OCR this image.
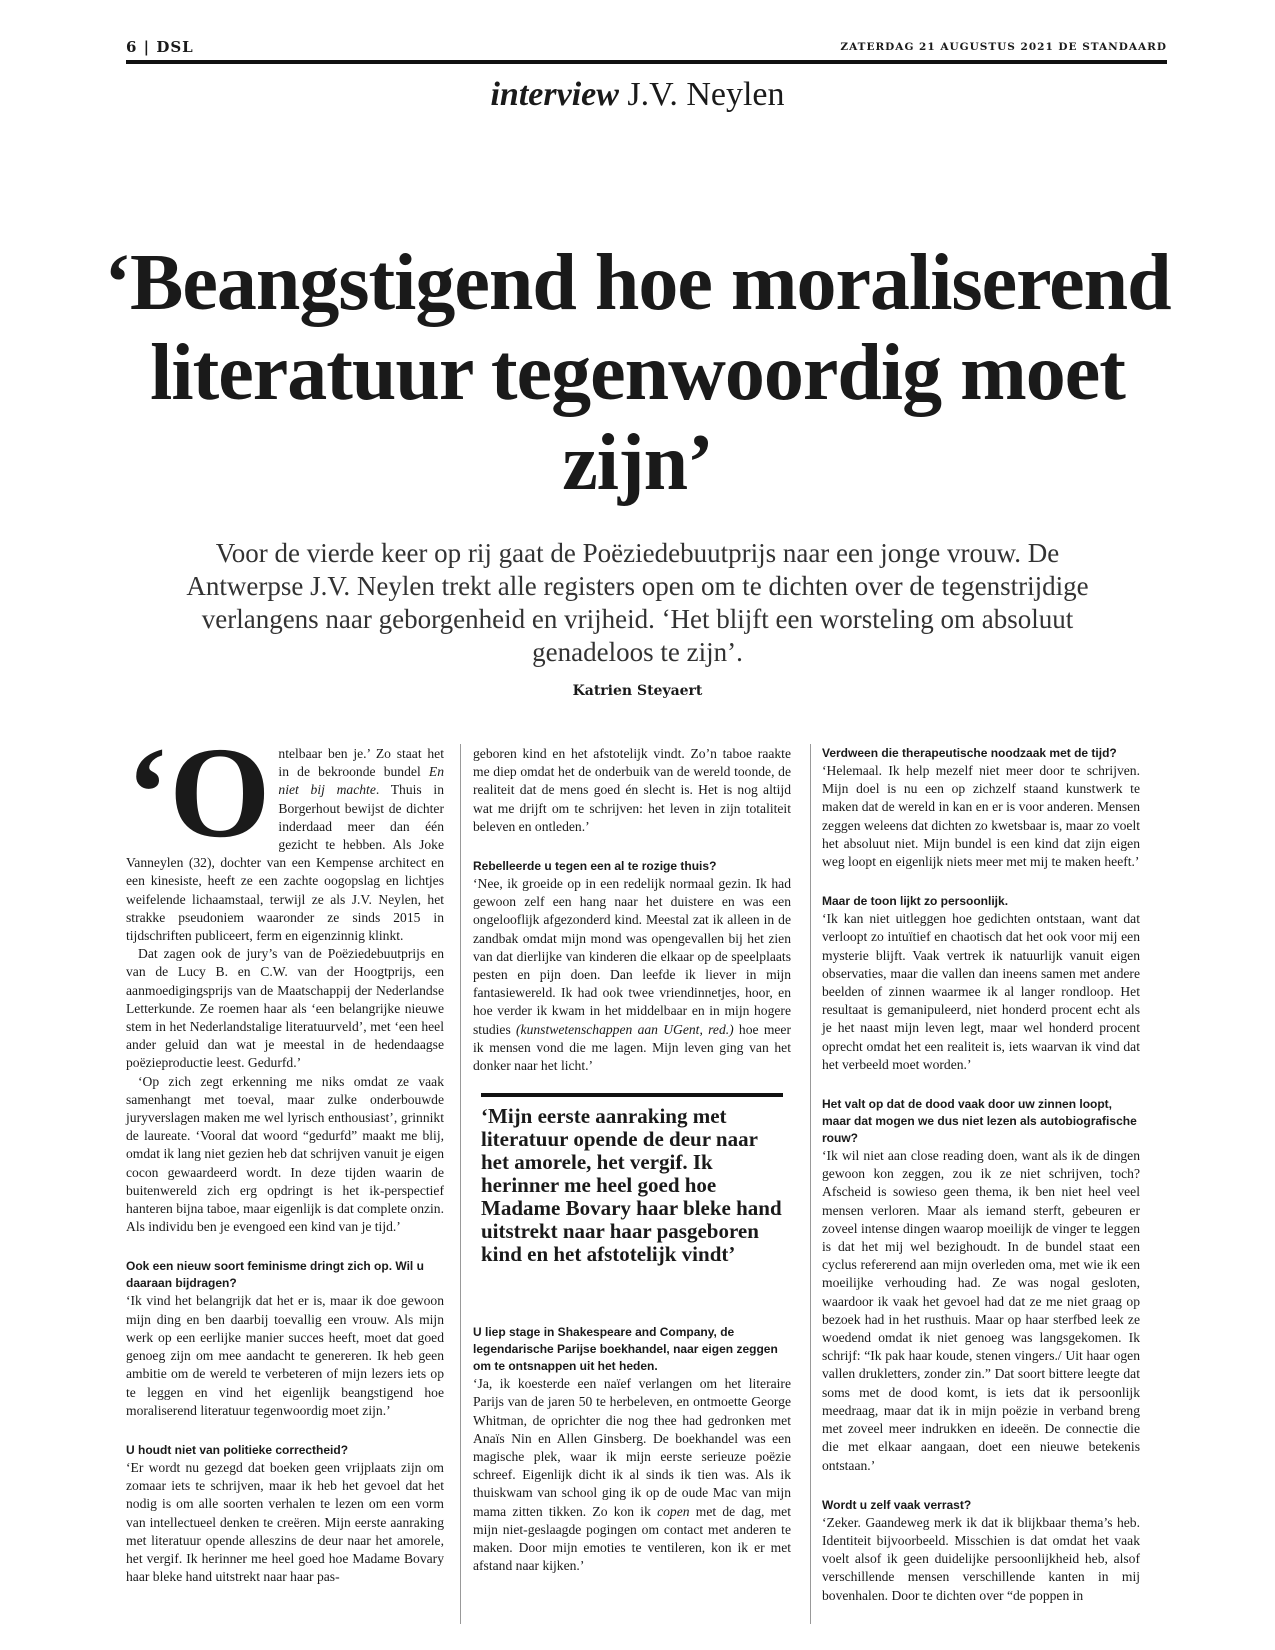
6 | DSL	ZATERDAG 21 AUGUSTUS 2021 DE STANDAARD
interview J.V. Neylen
‘Beangstigend hoe moraliserend literatuur tegenwoordig moet zijn’
Voor de vierde keer op rij gaat de Poëziedebuutprijs naar een jonge vrouw. De Antwerpse J.V. Neylen trekt alle registers open om te dichten over de tegenstrijdige verlangens naar geborgenheid en vrijheid. ‘Het blijft een worsteling om absoluut genadeloos te zijn’.
Katrien Steyaert
‘O ntelbaar ben je.’ Zo staat het in de bekroonde bundel En niet bij machte. Thuis in Borgerhout bewijst de dichter inderdaad meer dan één gezicht te hebben. Als Joke Vanneylen (32), dochter van een Kempense architect en een kinesiste, heeft ze een zachte oogopslag en lichtjes weifelende lichaamstaal, terwijl ze als J.V. Neylen, het strakke pseudoniem waaronder ze sinds 2015 in tijdschriften publiceert, ferm en eigenzinnig klinkt.

Dat zagen ook de jury’s van de Poëziedebuutprijs en van de Lucy B. en C.W. van der Hoogtprijs, een aanmoedigingsprijs van de Maatschappij der Nederlandse Letterkunde. Ze roemen haar als ‘een belangrijke nieuwe stem in het Nederlandstalige literatuurveld’, met ‘een heel ander geluid dan wat je meestal in de hedendaagse poëzieproductie leest. Gedurfd.’

‘Op zich zegt erkenning me niks omdat ze vaak samenhangt met toeval, maar zulke onderbouwde juryverslagen maken me wel lyrisch enthousiast’, grinnikt de laureate. ‘Vooral dat woord “gedurfd” maakt me blij, omdat ik lang niet gezien heb dat schrijven vanuit je eigen cocon gewaardeerd wordt. In deze tijden waarin de buitenwereld zich erg opdringt is het ik-perspectief hanteren bijna taboe, maar eigenlijk is dat complete onzin. Als individu ben je evengoed een kind van je tijd.’

Ook een nieuw soort feminisme dringt zich op. Wil u daaraan bijdragen?

‘Ik vind het belangrijk dat het er is, maar ik doe gewoon mijn ding en ben daarbij toevallig een vrouw. Als mijn werk op een eerlijke manier succes heeft, moet dat goed genoeg zijn om mee aandacht te genereren. Ik heb geen ambitie om de wereld te verbeteren of mijn lezers iets op te leggen en vind het eigenlijk beangstigend hoe moraliserend literatuur tegenwoordig moet zijn.’

U houdt niet van politieke correctheid?

‘Er wordt nu gezegd dat boeken geen vrijplaats zijn om zomaar iets te schrijven, maar ik heb het gevoel dat het nodig is om alle soorten verhalen te lezen om een vorm van intellectueel denken te creëren. Mijn eerste aanraking met literatuur opende alleszins de deur naar het amorele, het vergif. Ik herinner me heel goed hoe Madame Bovary haar bleke hand uitstrekt naar haar pas-

geboren kind en het afstotelijk vindt. Zo’n taboe raakte me diep omdat het de onderbuik van de wereld toonde, de realiteit dat de mens goed én slecht is. Het is nog altijd wat me drijft om te schrijven: het leven in zijn totaliteit beleven en ontleden.’

Rebelleerde u tegen een al te rozige thuis?

‘Nee, ik groeide op in een redelijk normaal gezin. Ik had gewoon zelf een hang naar het duistere en was een ongelooflijk afgezonderd kind. Meestal zat ik alleen in de zandbak omdat mijn mond was opengevallen bij het zien van dat dierlijke van kinderen die elkaar op de speelplaats pesten en pijn doen. Dan leefde ik liever in mijn fantasiewereld. Ik had ook twee vriendinnetjes, hoor, en hoe verder ik kwam in het middelbaar en in mijn hogere studies (kunstwetenschappen aan UGent, red.) hoe meer ik mensen vond die me lagen. Mijn leven ging van het donker naar het licht.’

‘Mijn eerste aanraking met literatuur opende de deur naar het amorele, het vergif. Ik herinner me heel goed hoe Madame Bovary haar bleke hand uitstrekt naar haar pasgeboren kind en het afstotelijk vindt’
U liep stage in Shakespeare and Company, de legendarische Parijse boekhandel, naar eigen zeggen om te ontsnappen uit het heden.

‘Ja, ik koesterde een naïef verlangen om het literaire Parijs van de jaren 50 te herbeleven, en ontmoette George Whitman, de oprichter die nog thee had gedronken met Anaïs Nin en Allen Ginsberg. De boekhandel was een magische plek, waar ik mijn eerste serieuze poëzie schreef. Eigenlijk dicht ik al sinds ik tien was. Als ik thuiskwam van school ging ik op de oude Mac van mijn mama zitten tikken. Zo kon ik copen met de dag, met mijn niet-geslaagde pogingen om contact met anderen te maken. Door mijn emoties te ventileren, kon ik er met afstand naar kijken.’

Verdween die therapeutische noodzaak met de tijd?

‘Helemaal. Ik help mezelf niet meer door te schrijven. Mijn doel is nu een op zichzelf staand kunstwerk te maken dat de wereld in kan en er is voor anderen. Mensen zeggen weleens dat dichten zo kwetsbaar is, maar zo voelt het absoluut niet. Mijn bundel is een kind dat zijn eigen weg loopt en eigenlijk niets meer met mij te maken heeft.’

Maar de toon lijkt zo persoonlijk.

‘Ik kan niet uitleggen hoe gedichten ontstaan, want dat verloopt zo intuïtief en chaotisch dat het ook voor mij een mysterie blijft. Vaak vertrek ik natuurlijk vanuit eigen observaties, maar die vallen dan ineens samen met andere beelden of zinnen waarmee ik al langer rondloop. Het resultaat is gemanipuleerd, niet honderd procent echt als je het naast mijn leven legt, maar wel honderd procent oprecht omdat het een realiteit is, iets waarvan ik vind dat het verbeeld moet worden.’

Het valt op dat de dood vaak door uw zinnen loopt, maar dat mogen we dus niet lezen als autobiografische rouw?

‘Ik wil niet aan close reading doen, want als ik de dingen gewoon kon zeggen, zou ik ze niet schrijven, toch? Afscheid is sowieso geen thema, ik ben niet heel veel mensen verloren. Maar als iemand sterft, gebeuren er zoveel intense dingen waarop moeilijk de vinger te leggen is dat het mij wel bezighoudt. In de bundel staat een cyclus refererend aan mijn overleden oma, met wie ik een moeilijke verhouding had. Ze was nogal gesloten, waardoor ik vaak het gevoel had dat ze me niet graag op bezoek had in het rusthuis. Maar op haar sterfbed leek ze woedend omdat ik niet genoeg was langsgekomen. Ik schrijf: “Ik pak haar koude, stenen vingers./ Uit haar ogen vallen drukletters, zonder zin.” Dat soort bittere leegte dat soms met de dood komt, is iets dat ik persoonlijk meedraag, maar dat ik in mijn poëzie in verband breng met zoveel meer indrukken en ideeën. De connectie die die met elkaar aangaan, doet een nieuwe betekenis ontstaan.’

Wordt u zelf vaak verrast?

‘Zeker. Gaandeweg merk ik dat ik blijkbaar thema’s heb. Identiteit bijvoorbeeld. Misschien is dat omdat het vaak voelt alsof ik geen duidelijke persoonlijkheid heb, alsof verschillende mensen verschillende kanten in mij bovenhalen. Door te dichten over “de poppen in
